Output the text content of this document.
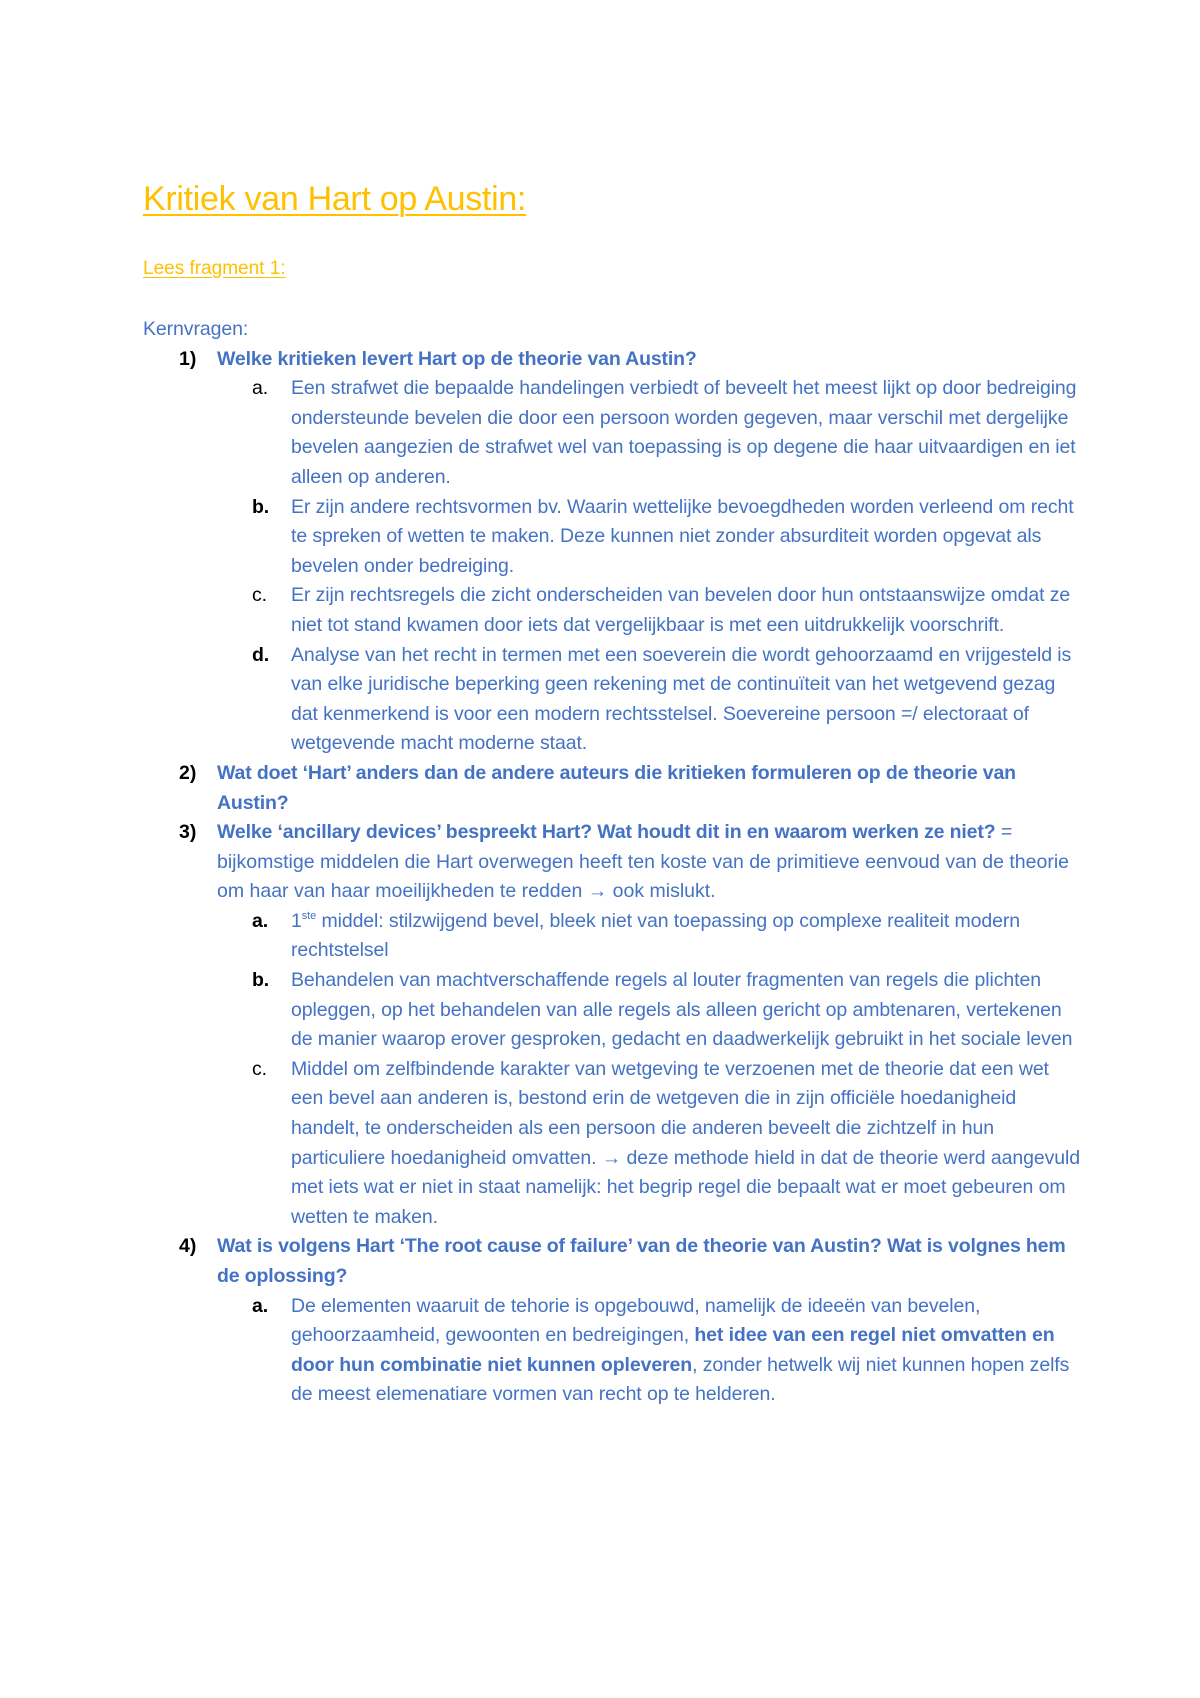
Kritiek van Hart op Austin:
Lees fragment 1:

Kernvragen:

1) Welke kritieken levert Hart op de theorie van Austin?
a. Een strafwet die bepaalde handelingen verbiedt of beveelt het meest lijkt op door bedreiging ondersteunde bevelen die door een persoon worden gegeven, maar verschil met dergelijke bevelen aangezien de strafwet wel van toepassing is op degene die haar uitvaardigen en iet alleen op anderen.
b. Er zijn andere rechtsvormen bv. Waarin wettelijke bevoegdheden worden verleend om recht te spreken of wetten te maken. Deze kunnen niet zonder absurditeit worden opgevat als bevelen onder bedreiging.
c. Er zijn rechtsregels die zicht onderscheiden van bevelen door hun ontstaanswijze omdat ze niet tot stand kwamen door iets dat vergelijkbaar is met een uitdrukkelijk voorschrift.
d. Analyse van het recht in termen met een soeverein die wordt gehoorzaamd en vrijgesteld is van elke juridische beperking geen rekening met de continuïteit van het wetgevend gezag dat kenmerkend is voor een modern rechtsstelsel. Soevereine persoon =/ electoraat of wetgevende macht moderne staat.
2) Wat doet ‘Hart’ anders dan de andere auteurs die kritieken formuleren op de theorie van Austin?
3) Welke ‘ancillary devices’ bespreekt Hart? Wat houdt dit in en waarom werken ze niet? = bijkomstige middelen die Hart overwegen heeft ten koste van de primitieve eenvoud van de theorie om haar van haar moeilijkheden te redden → ook mislukt.
a. 1ste middel: stilzwijgend bevel, bleek niet van toepassing op complexe realiteit modern rechtstelsel
b. Behandelen van machtverschaffende regels al louter fragmenten van regels die plichten opleggen, op het behandelen van alle regels als alleen gericht op ambtenaren, vertekenen de manier waarop erover gesproken, gedacht en daadwerkelijk gebruikt in het sociale leven
c. Middel om zelfbindende karakter van wetgeving te verzoenen met de theorie dat een wet een bevel aan anderen is, bestond erin de wetgeven die in zijn officiële hoedanigheid handelt, te onderscheiden als een persoon die anderen beveelt die zichtzelf in hun particuliere hoedanigheid omvatten. → deze methode hield in dat de theorie werd aangevuld met iets wat er niet in staat namelijk: het begrip regel die bepaalt wat er moet gebeuren om wetten te maken.
4) Wat is volgens Hart ‘The root cause of failure’ van de theorie van Austin? Wat is volgnes hem de oplossing?
a. De elementen waaruit de tehorie is opgebouwd, namelijk de ideeën van bevelen, gehoorzaamheid, gewoonten en bedreigingen, het idee van een regel niet omvatten en door hun combinatie niet kunnen opleveren, zonder hetwelk wij niet kunnen hopen zelfs de meest elemenatiare vormen van recht op te helderen.
